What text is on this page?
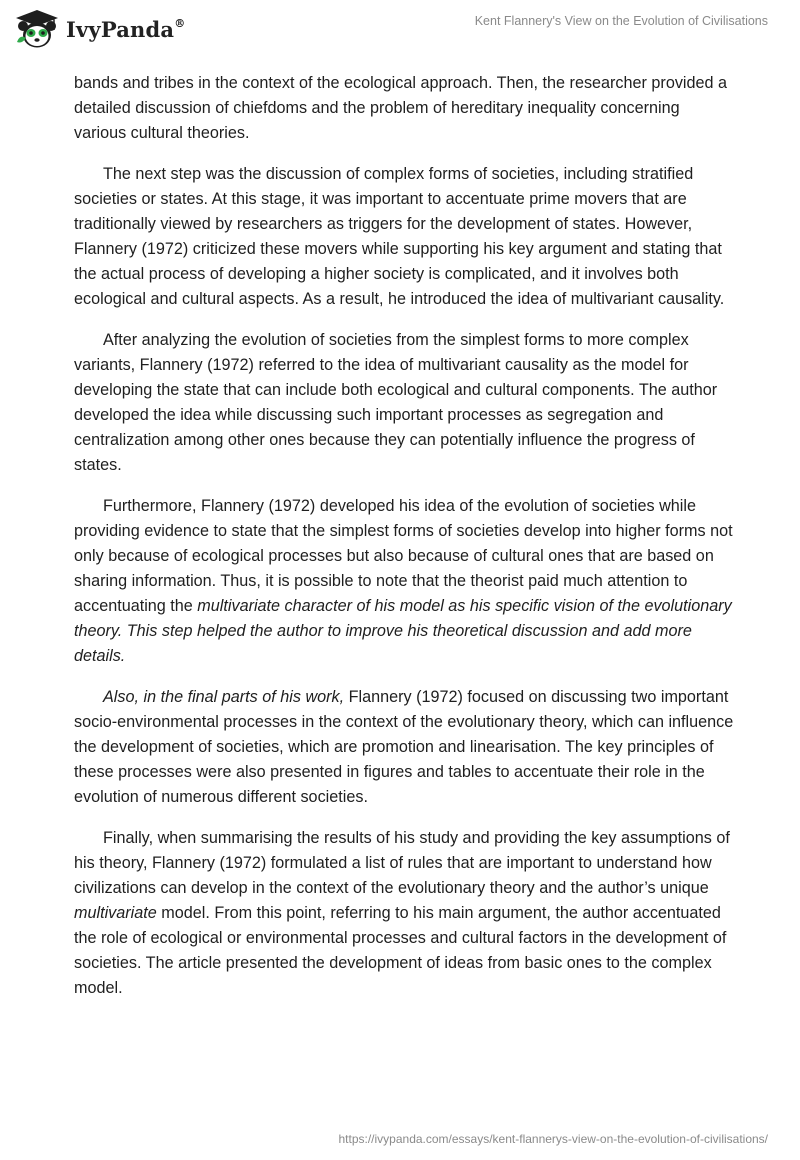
IvyPanda®	Kent Flannery's View on the Evolution of Civilisations

bands and tribes in the context of the ecological approach. Then, the researcher provided a detailed discussion of chiefdoms and the problem of hereditary inequality concerning various cultural theories.

The next step was the discussion of complex forms of societies, including stratified societies or states. At this stage, it was important to accentuate prime movers that are traditionally viewed by researchers as triggers for the development of states. However, Flannery (1972) criticized these movers while supporting his key argument and stating that the actual process of developing a higher society is complicated, and it involves both ecological and cultural aspects. As a result, he introduced the idea of multivariant causality.

After analyzing the evolution of societies from the simplest forms to more complex variants, Flannery (1972) referred to the idea of multivariant causality as the model for developing the state that can include both ecological and cultural components. The author developed the idea while discussing such important processes as segregation and centralization among other ones because they can potentially influence the progress of states.

Furthermore, Flannery (1972) developed his idea of the evolution of societies while providing evidence to state that the simplest forms of societies develop into higher forms not only because of ecological processes but also because of cultural ones that are based on sharing information. Thus, it is possible to note that the theorist paid much attention to accentuating the multivariate character of his model as his specific vision of the evolutionary theory. This step helped the author to improve his theoretical discussion and add more details.

Also, in the final parts of his work, Flannery (1972) focused on discussing two important socio-environmental processes in the context of the evolutionary theory, which can influence the development of societies, which are promotion and linearisation. The key principles of these processes were also presented in figures and tables to accentuate their role in the evolution of numerous different societies.

Finally, when summarising the results of his study and providing the key assumptions of his theory, Flannery (1972) formulated a list of rules that are important to understand how civilizations can develop in the context of the evolutionary theory and the author’s unique multivariate model. From this point, referring to his main argument, the author accentuated the role of ecological or environmental processes and cultural factors in the development of societies. The article presented the development of ideas from basic ones to the complex model.

https://ivypanda.com/essays/kent-flannerys-view-on-the-evolution-of-civilisations/
